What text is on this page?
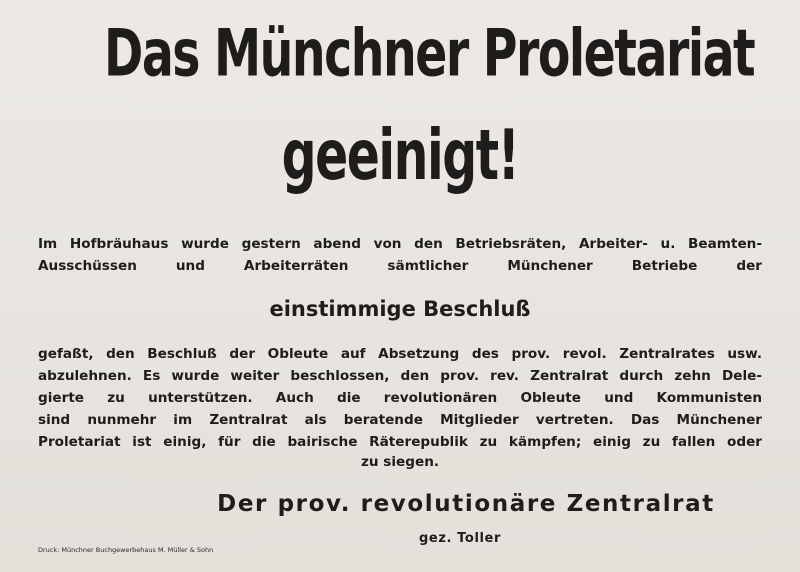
Das Münchner Proletariat
geeinigt!
Im Hofbräuhaus wurde gestern abend von den Betriebsräten, Arbeiter- u. Beamten-
Ausschüssen und Arbeiterräten sämtlicher Münchener Betriebe der
einstimmige Beschluß
gefaßt, den Beschluß der Obleute auf Absetzung des prov. revol. Zentralrates usw.
abzulehnen. Es wurde weiter beschlossen, den prov. rev. Zentralrat durch zehn Dele-
gierte zu unterstützen. Auch die revolutionären Obleute und Kommunisten
sind nunmehr im Zentralrat als beratende Mitglieder vertreten. Das Münchener
Proletariat ist einig, für die bairische Räterepublik zu kämpfen; einig zu fallen oder
zu siegen.
Der prov. revolutionäre Zentralrat
gez. Toller
Druck: Münchner Buchgewerbehaus M. Müller & Sohn
